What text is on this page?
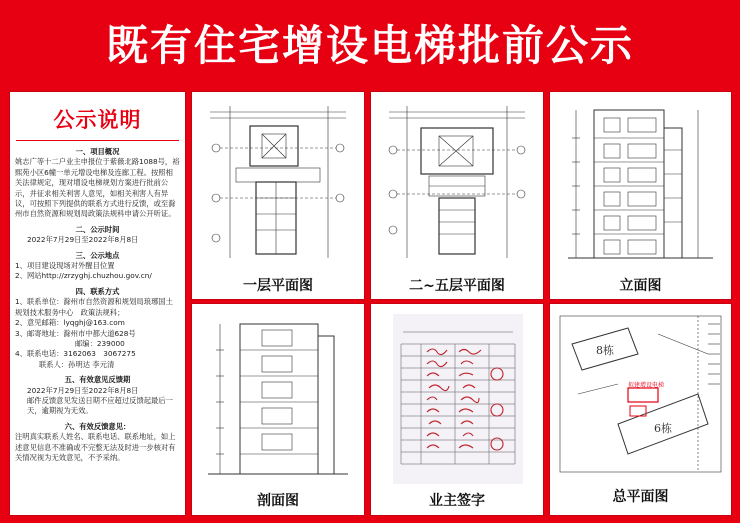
既有住宅增设电梯批前公示
公示说明
一、项目概况
姚志广等十二户业主申报位于紫薇北路1088号，裕熙苑小区6幢一单元增设电梯及连廊工程。按照相关法律规定，现对增设电梯规划方案进行批前公示，并征求相关利害人意见，如相关利害人有异议，可按照下列提供的联系方式进行反馈，或至滁州市自然资源和规划局政策法规科申请公开听证。
二、公示时间
2022年7月29日至2022年8月8日
三、公示地点
1、项目建设现场对外醒目位置
2、网站http://zrzyghj.chuzhou.gov.cn/
四、联系方式
1、联系单位：滁州市自然资源和规划局琅琊国土规划技术服务中心　政策法规科；
2、意见邮箱：lyqghj@163.com
3、邮寄地址：滁州市中都大道628号
邮编：239000
4、联系电话：3162063　3067275
联系人：孙明达 李元清
五、有效意见反馈期
2022年7月29日至2022年8月8日
邮件反馈意见发送日期不应超过反馈起最后一天，逾期视为无效。
六、有效反馈意见：
注明真实联系人姓名、联系电话、联系地址，如上述意见信息不准确或不完整无法及时进一步核对有关情况视为无效意见，不予采纳。
一层平面图	二~五层平面图	立面图
剖面图	业主签字
拟建增设电梯
8栋
6栋
总平面图
